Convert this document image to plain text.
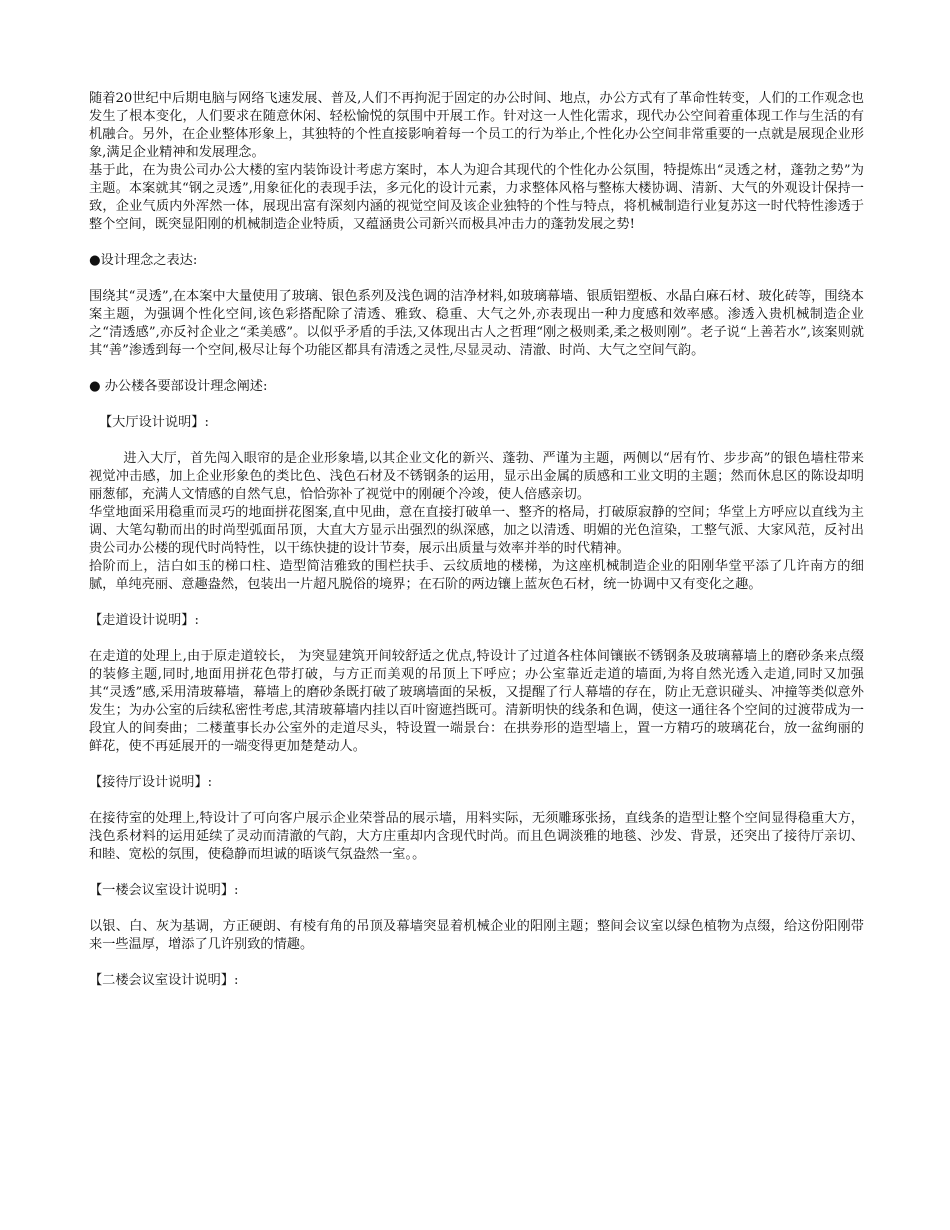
随着20世纪中后期电脑与网络飞速发展、普及,人们不再拘泥于固定的办公时间、地点，办公方式有了革命性转变，人们的工作观念也发生了根本变化，人们要求在随意休闲、轻松愉悦的氛围中开展工作。针对这一人性化需求，现代办公空间着重体现工作与生活的有机融合。另外，在企业整体形象上，其独特的个性直接影响着每一个员工的行为举止,个性化办公空间非常重要的一点就是展现企业形象,满足企业精神和发展理念。

基于此，在为贵公司办公大楼的室内装饰设计考虑方案时，本人为迎合其现代的个性化办公氛围，特提炼出“灵透之材，蓬勃之势”为主题。本案就其“钢之灵透”,用象征化的表现手法，多元化的设计元素，力求整体风格与整栋大楼协调、清新、大气的外观设计保持一致，企业气质内外浑然一体，展现出富有深刻内涵的视觉空间及该企业独特的个性与特点，将机械制造行业复苏这一时代特性渗透于整个空间，既突显阳刚的机械制造企业特质，又蕴涵贵公司新兴而极具冲击力的蓬勃发展之势!

●设计理念之表达:

围绕其“灵透”,在本案中大量使用了玻璃、银色系列及浅色调的洁净材料,如玻璃幕墙、银质铝塑板、水晶白麻石材、玻化砖等，围绕本案主题，为强调个性化空间,该色彩搭配除了清透、雅致、稳重、大气之外,亦表现出一种力度感和效率感。渗透入贵机械制造企业之“清透感”,亦反衬企业之“柔美感”。以似乎矛盾的手法,又体现出古人之哲理“刚之极则柔,柔之极则刚”。老子说“上善若水”,该案则就其“善”渗透到每一个空间,极尽让每个功能区都具有清透之灵性,尽显灵动、清澈、时尚、大气之空间气韵。

● 办公楼各要部设计理念阐述:

【大厅设计说明】:

进入大厅，首先闯入眼帘的是企业形象墙,以其企业文化的新兴、蓬勃、严谨为主题，两侧以“居有竹、步步高”的银色墙柱带来视觉冲击感，加上企业形象色的类比色、浅色石材及不锈钢条的运用，显示出金属的质感和工业文明的主题；然而休息区的陈设却明丽葱郁，充满人文情感的自然气息，恰恰弥补了视觉中的刚硬个冷竣，使人倍感亲切。

华堂地面采用稳重而灵巧的地面拼花图案,直中见曲，意在直接打破单一、整齐的格局，打破原寂静的空间；华堂上方呼应以直线为主调、大笔勾勒而出的时尚型弧面吊顶，大直大方显示出强烈的纵深感，加之以清透、明媚的光色渲染，工整气派、大家风范，反衬出贵公司办公楼的现代时尚特性，以干练快捷的设计节奏，展示出质量与效率并举的时代精神。

拾阶而上，洁白如玉的梯口柱、造型简洁雅致的围栏扶手、云纹质地的楼梯，为这座机械制造企业的阳刚华堂平添了几许南方的细腻，单纯亮丽、意趣盎然，包装出一片超凡脱俗的境界；在石阶的两边镶上蓝灰色石材，统一协调中又有变化之趣。

【走道设计说明】:

在走道的处理上,由于原走道较长， 为突显建筑开间较舒适之优点,特设计了过道各柱体间镶嵌不锈钢条及玻璃幕墙上的磨砂条来点缀的装修主题,同时,地面用拼花色带打破，与方正而美观的吊顶上下呼应；办公室靠近走道的墙面,为将自然光透入走道,同时又加强其“灵透”感,采用清玻幕墙，幕墙上的磨砂条既打破了玻璃墙面的呆板，又提醒了行人幕墙的存在，防止无意识碰头、冲撞等类似意外发生；为办公室的后续私密性考虑,其清玻幕墙内挂以百叶窗遮挡既可。清新明快的线条和色调，使这一通往各个空间的过渡带成为一段宜人的间奏曲；二楼董事长办公室外的走道尽头，特设置一端景台：在拱券形的造型墙上，置一方精巧的玻璃花台，放一盆绚丽的鲜花，使不再延展开的一端变得更加楚楚动人。

【接待厅设计说明】:

在接待室的处理上,特设计了可向客户展示企业荣誉品的展示墙，用料实际，无须雕琢张扬，直线条的造型让整个空间显得稳重大方，浅色系材料的运用延续了灵动而清澈的气韵，大方庄重却内含现代时尚。而且色调淡雅的地毯、沙发、背景，还突出了接待厅亲切、和睦、宽松的氛围，使稳静而坦诚的晤谈气氛盎然一室。。

【一楼会议室设计说明】:

以银、白、灰为基调，方正硬朗、有棱有角的吊顶及幕墙突显着机械企业的阳刚主题；整间会议室以绿色植物为点缀，给这份阳刚带来一些温厚，增添了几许别致的情趣。

【二楼会议室设计说明】:
